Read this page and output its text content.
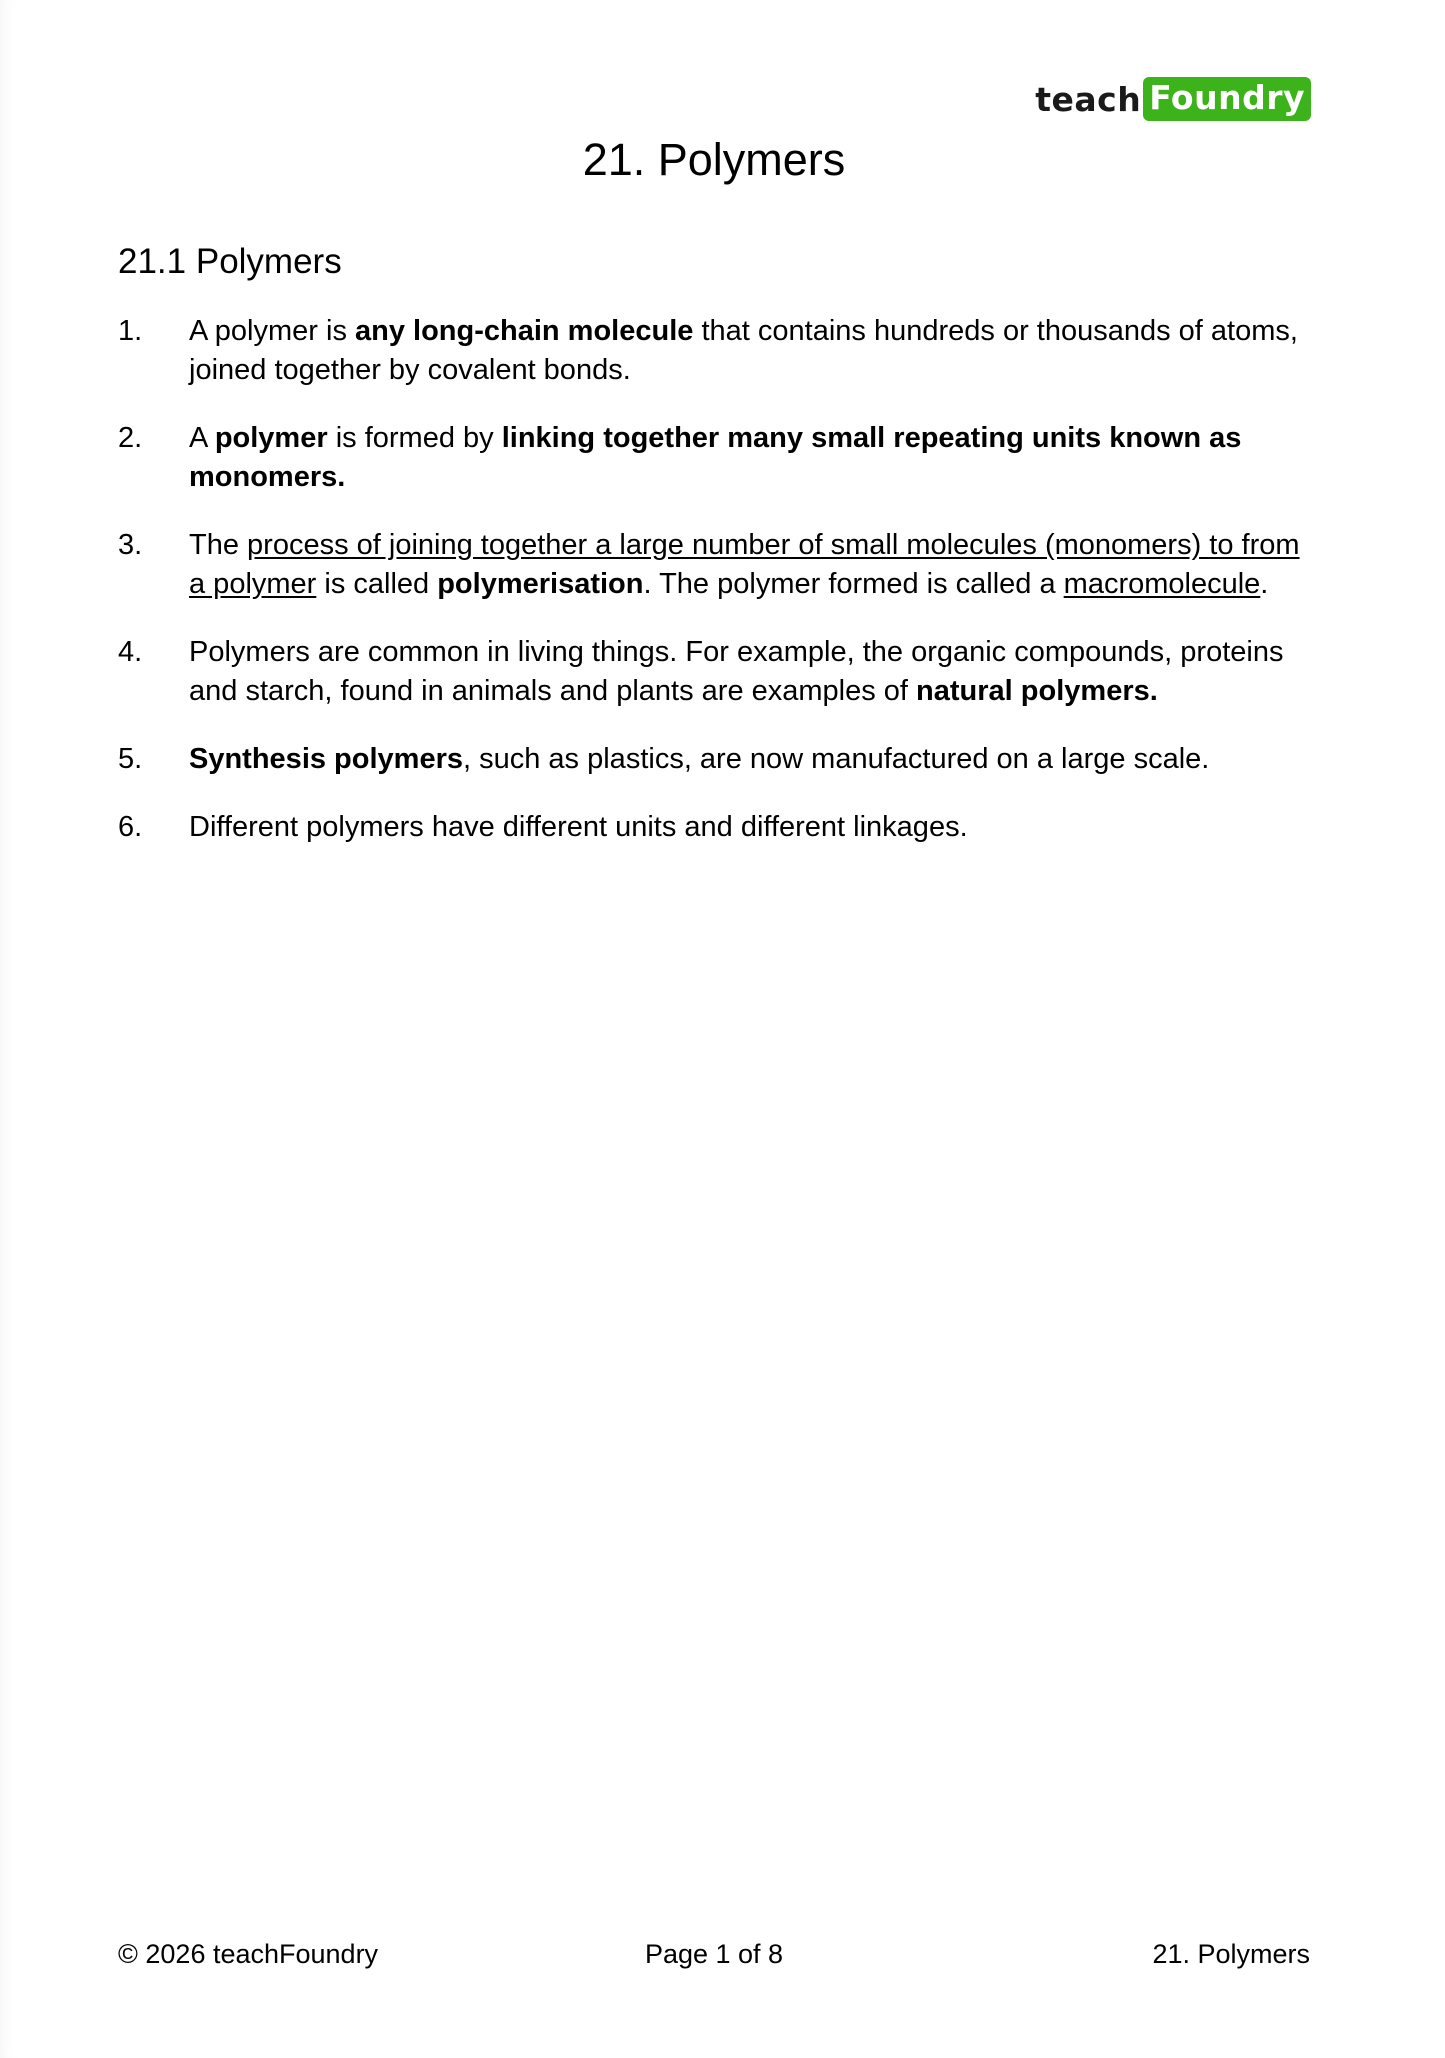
teach Foundry
21. Polymers
21.1 Polymers
1.	A polymer is any long-chain molecule that contains hundreds or thousands of atoms, joined together by covalent bonds.
2.	A polymer is formed by linking together many small repeating units known as monomers.
3.	The process of joining together a large number of small molecules (monomers) to from a polymer is called polymerisation. The polymer formed is called a macromolecule.
4.	Polymers are common in living things. For example, the organic compounds, proteins and starch, found in animals and plants are examples of natural polymers.
5.	Synthesis polymers, such as plastics, are now manufactured on a large scale.
6.	Different polymers have different units and different linkages.
© 2026 teachFoundry	Page 1 of 8	21. Polymers
